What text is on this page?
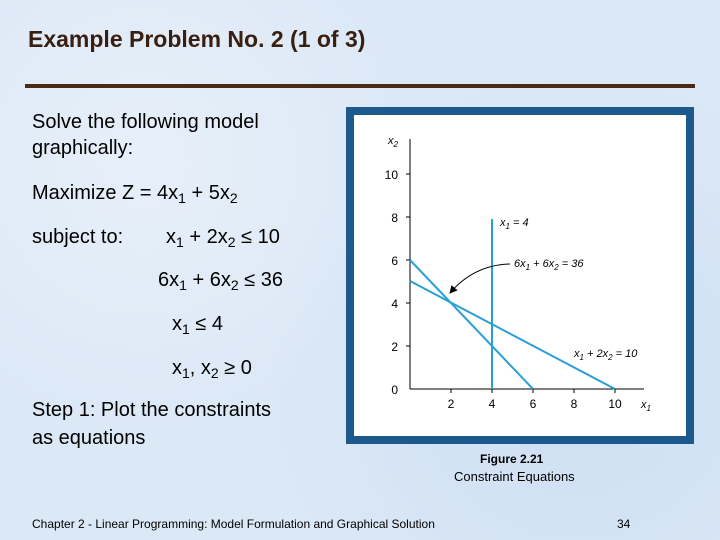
Example Problem No. 2 (1 of 3)
Solve the following model
graphically:
Maximize $Z = 4x_1 + 5x_2$
subject to: $x_1 + 2x_2 \le 10$
$6x_1 + 6x_2 \le 36$
$x_1 \le 4$
$x_1$, $x_2 \ge 0$
Step 1: Plot the constraints
as equations
$x_2$
$x_1$
0
2
4
6
8
10
2	4	6	8	10
$x_1 = 4$
$6x_1 + 6x_2 = 36$
$x_1 + 2x_2 = 10$
Figure 2.21
Constraint Equations
Chapter 2 - Linear Programming: Model Formulation and Graphical Solution	34
